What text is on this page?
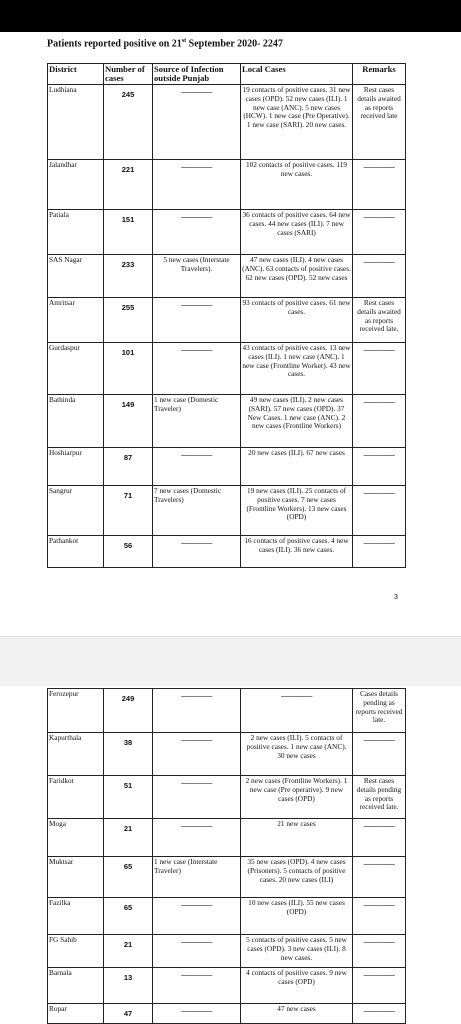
Patients reported positive on 21st September 2020- 2247
District	Number of cases	Source of Infection outside Punjab	Local Cases	Remarks
Ludhiana	245	-----------------	19 contacts of positive cases. 31 new cases (OPD). 52 new cases (ILI). 1 new case (ANC). 5 new cases (HCW). 1 new case (Pre Operative). 1 new case (SARI). 20 new cases.	Rest cases details awaited as reports received late
Jalandhar	221	-----------------	102 contacts of positive cases. 119 new cases.	-----------------

Patiala	151	-----------------	36 contacts of positive cases. 64 new cases. 44 new cases (ILI). 7 new cases (SARI)	-----------------

SAS Nagar	233	5 new cases (Interstate Travelers).	47 new cases (ILI). 4 new cases (ANC). 63 contacts of positive cases. 62 new cases (OPD). 52 new cases	-----------------

Amritsar	255	-----------------	93 contacts of positive cases. 61 new cases.	Rest cases details awaited as reports received late.
Gurdaspur	101	-----------------	43 contacts of positive cases. 13 new cases (ILI). 1 new case (ANC). 1 new case (Frontline Worker). 43 new cases.	-----------------

Bathinda	149	1 new case (Domestic Traveler)	49 new cases (ILI). 2 new cases (SARI). 57 new cases (OPD). 37 New Cases. 1 new case (ANC). 2 new cases (Frontline Workers)	-----------------

Hoshiarpur	87	-----------------	20 new cases (ILI). 67 new cases	-----------------

Sangrur	71	7 new cases (Domestic Travelers)	19 new cases (ILI). 25 contacts of positive cases. 7 new cases (Frontline Workers). 13 new cases (OPD)	-----------------

Pathankot	56	-----------------	16 contacts of positive cases. 4 new cases (ILI). 36 new cases.	-----------------
3
Ferozepur	249	-----------------	-----------------	Cases details pending as reports received late.
Kapurthala	38	-----------------	2 new cases (ILI). 5 contacts of positive cases. 1 new case (ANC). 30 new cases	-----------------

Faridkot	51	-----------------	2 new cases (Frontline Workers). 1 new case (Pre operative). 9 new cases (OPD)	Rest cases details pending as reports received late.
Moga	21	-----------------	21 new cases	-----------------

Muktsar	65	1 new case (Interstate Traveler)	35 new cases (OPD). 4 new cases (Prisoners). 5 contacts of positive cases. 20 new cases (ILI)	-----------------

Fazilka	65	-----------------	10 new cases (ILI). 55 new cases (OPD)	-----------------

FG Sahib	21	-----------------	5 contacts of positive cases. 5 new cases (OPD). 3 new cases (ILI). 8 new cases.	-----------------

Barnala	13	-----------------	4 contacts of positive cases. 9 new cases (OPD)	-----------------

Ropar	47	-----------------	47 new cases	-----------------
